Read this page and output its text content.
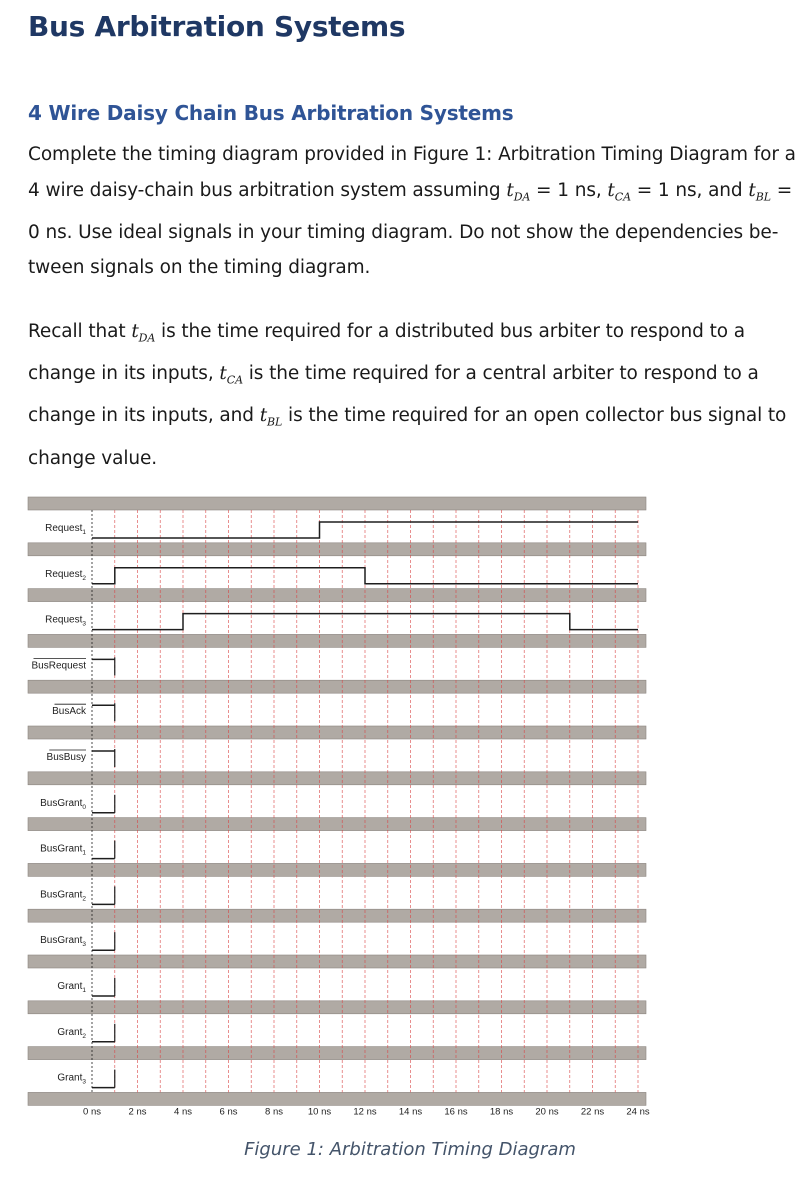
Bus Arbitration Systems
4 Wire Daisy Chain Bus Arbitration Systems

Complete the timing diagram provided in Figure 1: Arbitration Timing Diagram for a 4 wire daisy-chain bus arbitration system assuming $t_{DA} = 1$ ns, $t_{CA} = 1$ ns, and $t_{BL} = 0$ ns. Use ideal signals in your timing diagram. Do not show the dependencies be-tween signals on the timing diagram.

Recall that $t_{DA}$ is the time required for a distributed bus arbiter to respond to a change in its inputs, $t_{CA}$ is the time required for a central arbiter to respond to a change in its inputs, and $t_{BL}$ is the time required for an open collector bus signal to change value.

Request$_1$
Request$_2$
Request$_3$
BusRequest
BusAck
BusBusy
BusGrant$_0$
BusGrant$_1$
BusGrant$_2$
BusGrant$_3$
Grant$_1$
Grant$_2$
Grant$_3$
0 ns	2 ns	4 ns	6 ns	8 ns	10 ns 12 ns 14 ns 16 ns 18 ns 20 ns 22 ns 24 ns

Figure 1: Arbitration Timing Diagram
